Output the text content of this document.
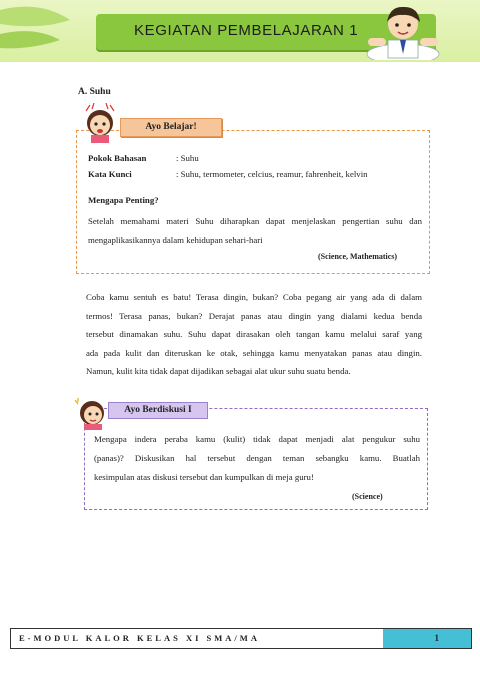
KEGIATAN PEMBELAJARAN 1
A. Suhu
Ayo Belajar!
Pokok Bahasan	: Suhu
Kata Kunci	: Suhu, termometer, celcius, reamur, fahrenheit, kelvin
Mengapa Penting?
Setelah memahami materi Suhu diharapkan dapat menjelaskan pengertian suhu dan
mengaplikasikannya dalam kehidupan sehari-hari
(Science, Mathematics)
Coba kamu sentuh es batu! Terasa dingin, bukan? Coba pegang air yang ada di dalam
termos! Terasa panas, bukan? Derajat panas atau dingin yang dialami kedua benda
tersebut dinamakan suhu. Suhu dapat dirasakan oleh tangan kamu melalui saraf yang
ada pada kulit dan diteruskan ke otak, sehingga kamu menyatakan panas atau dingin.
Namun, kulit kita tidak dapat dijadikan sebagai alat ukur suhu suatu benda.
Ayo Berdiskusi I
Mengapa indera peraba kamu (kulit) tidak dapat menjadi alat pengukur suhu
(panas)? Diskusikan hal tersebut dengan teman sebangku kamu. Buatlah
kesimpulan atas diskusi tersebut dan kumpulkan di meja guru!
(Science)
E-MODUL KALOR KELAS XI SMA/MA	1
